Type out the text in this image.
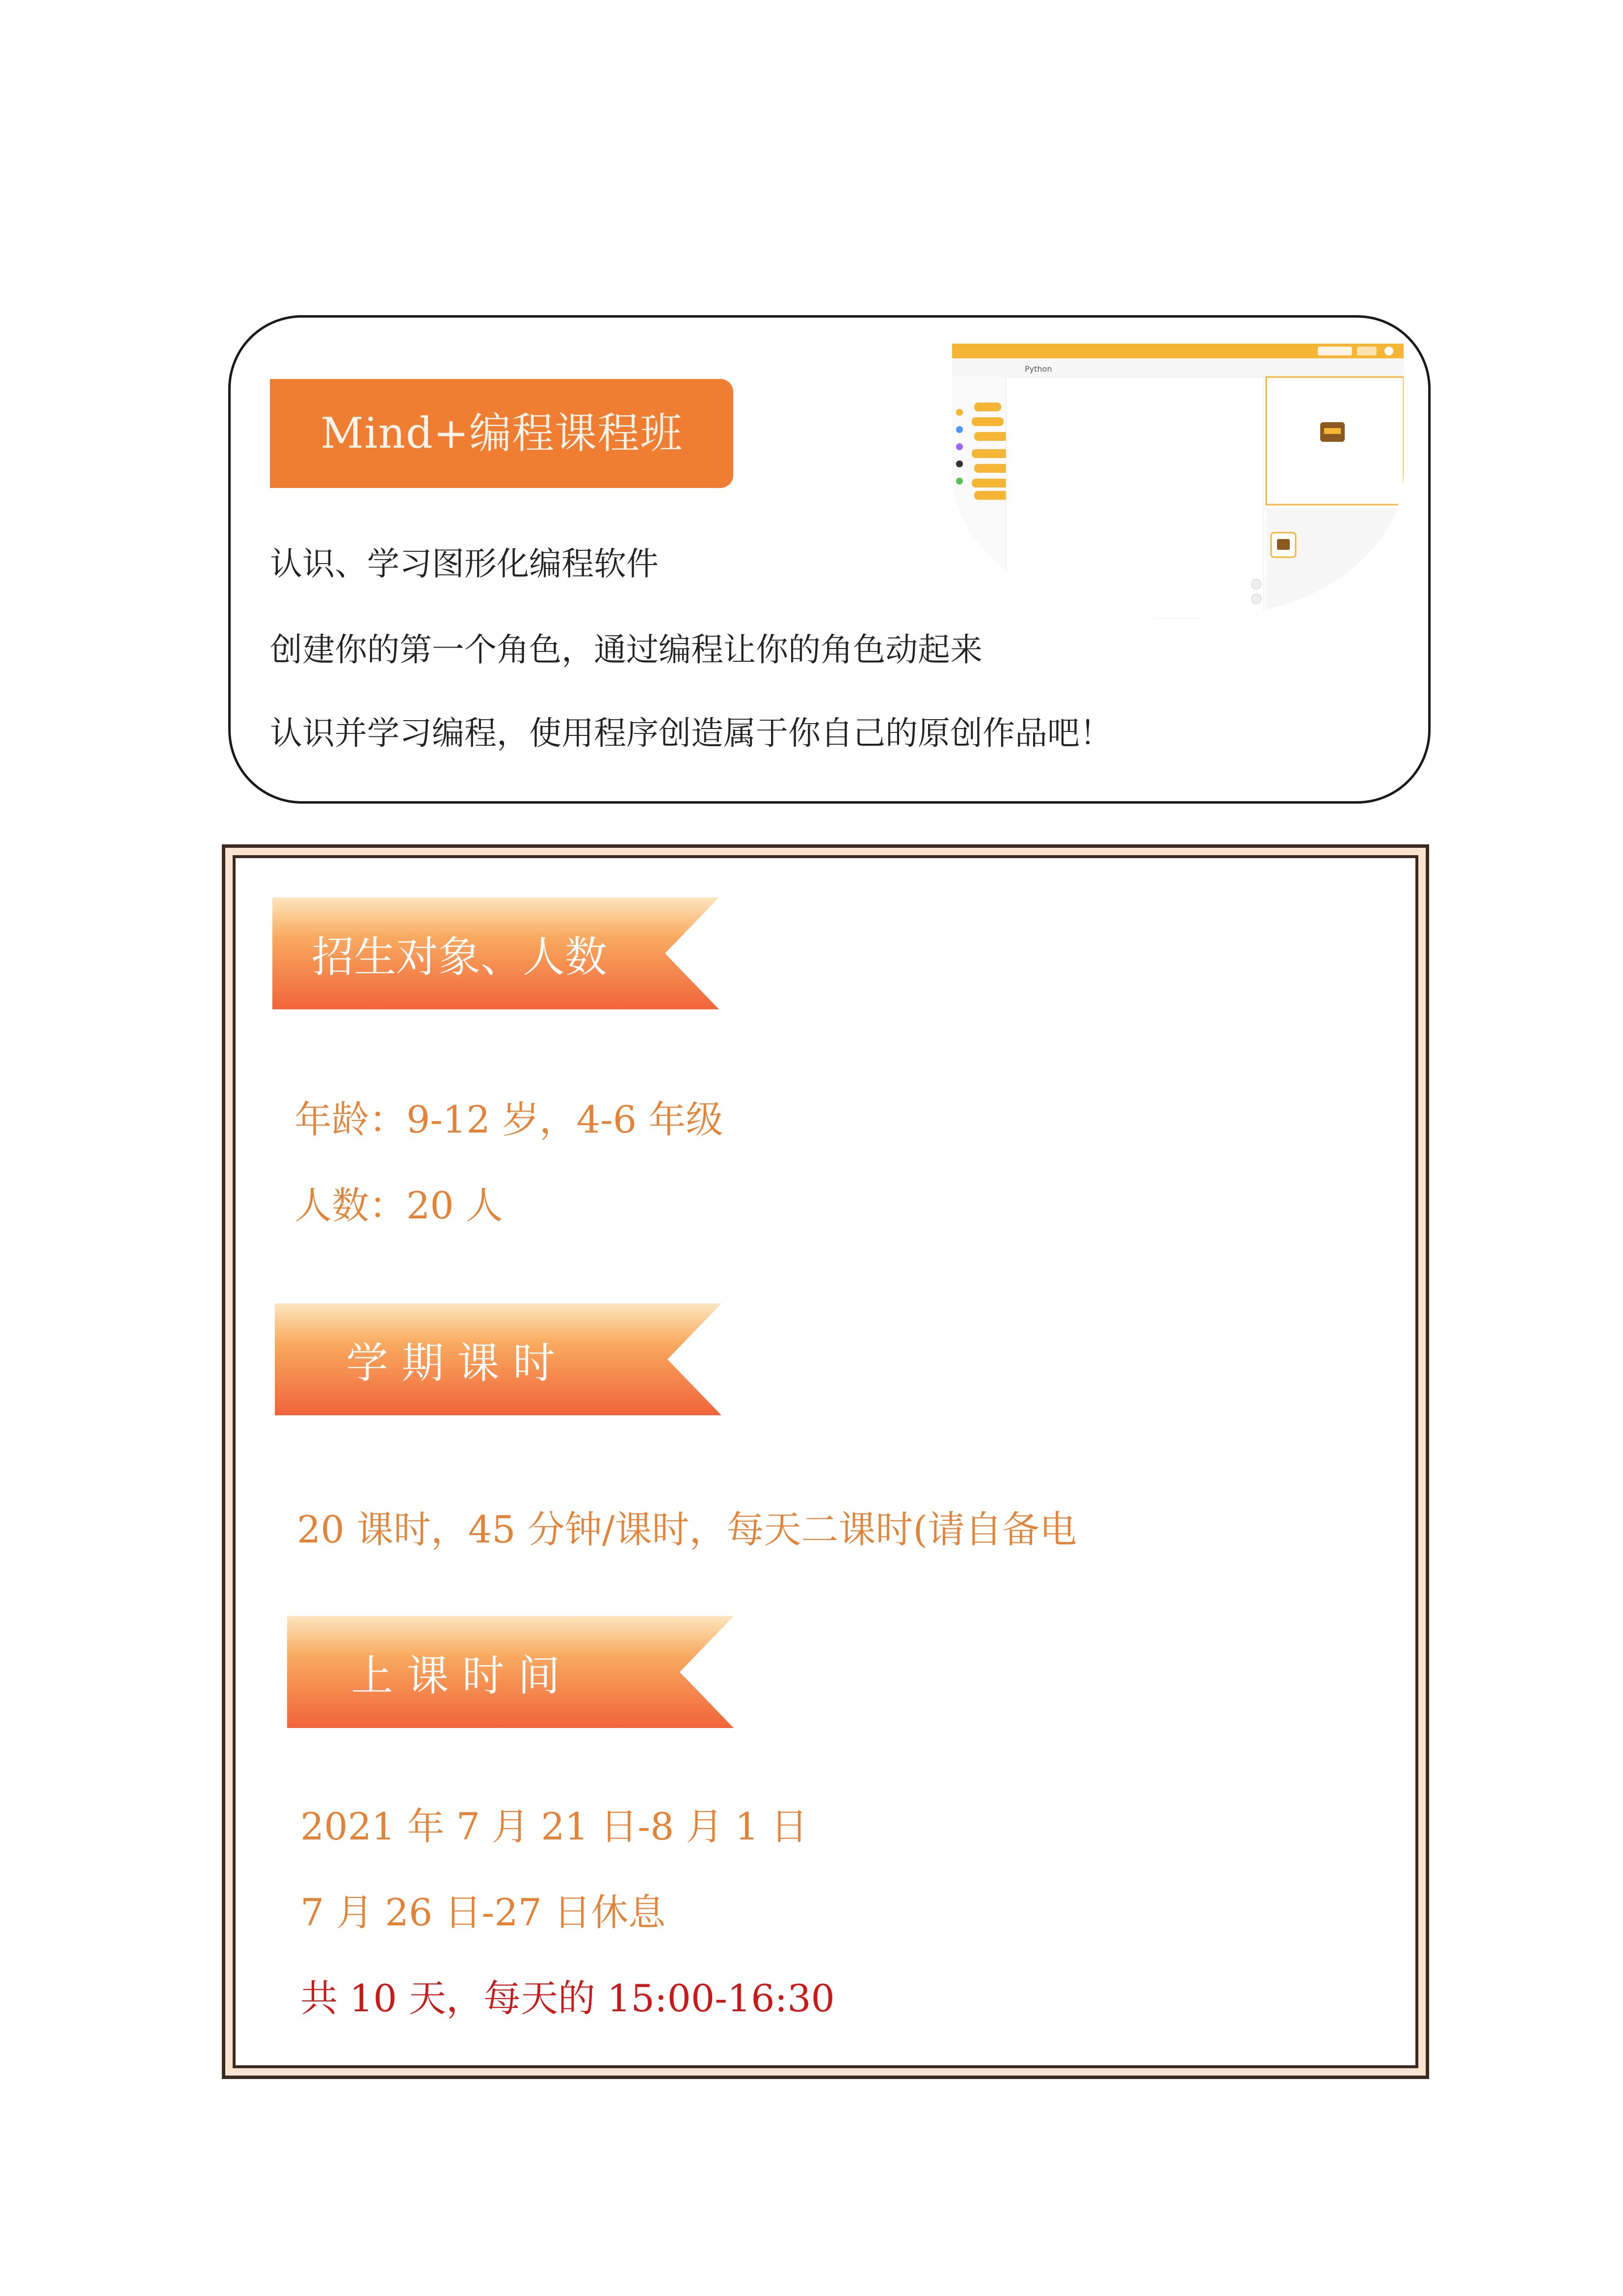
Mind+编程课程班
认识、学习图形化编程软件
创建你的第一个角色，通过编程让你的角色动起来
认识并学习编程，使用程序创造属于你自己的原创作品吧！
Python
招生对象、人数
年龄：9-12 岁，4-6 年级
人数：20 人
学 期 课 时
20 课时，45 分钟/课时，每天二课时(请自备电
上 课 时 间
2021 年 7 月 21 日-8 月 1 日
7 月 26 日-27 日休息
共 10 天，每天的 15:00-16:30
